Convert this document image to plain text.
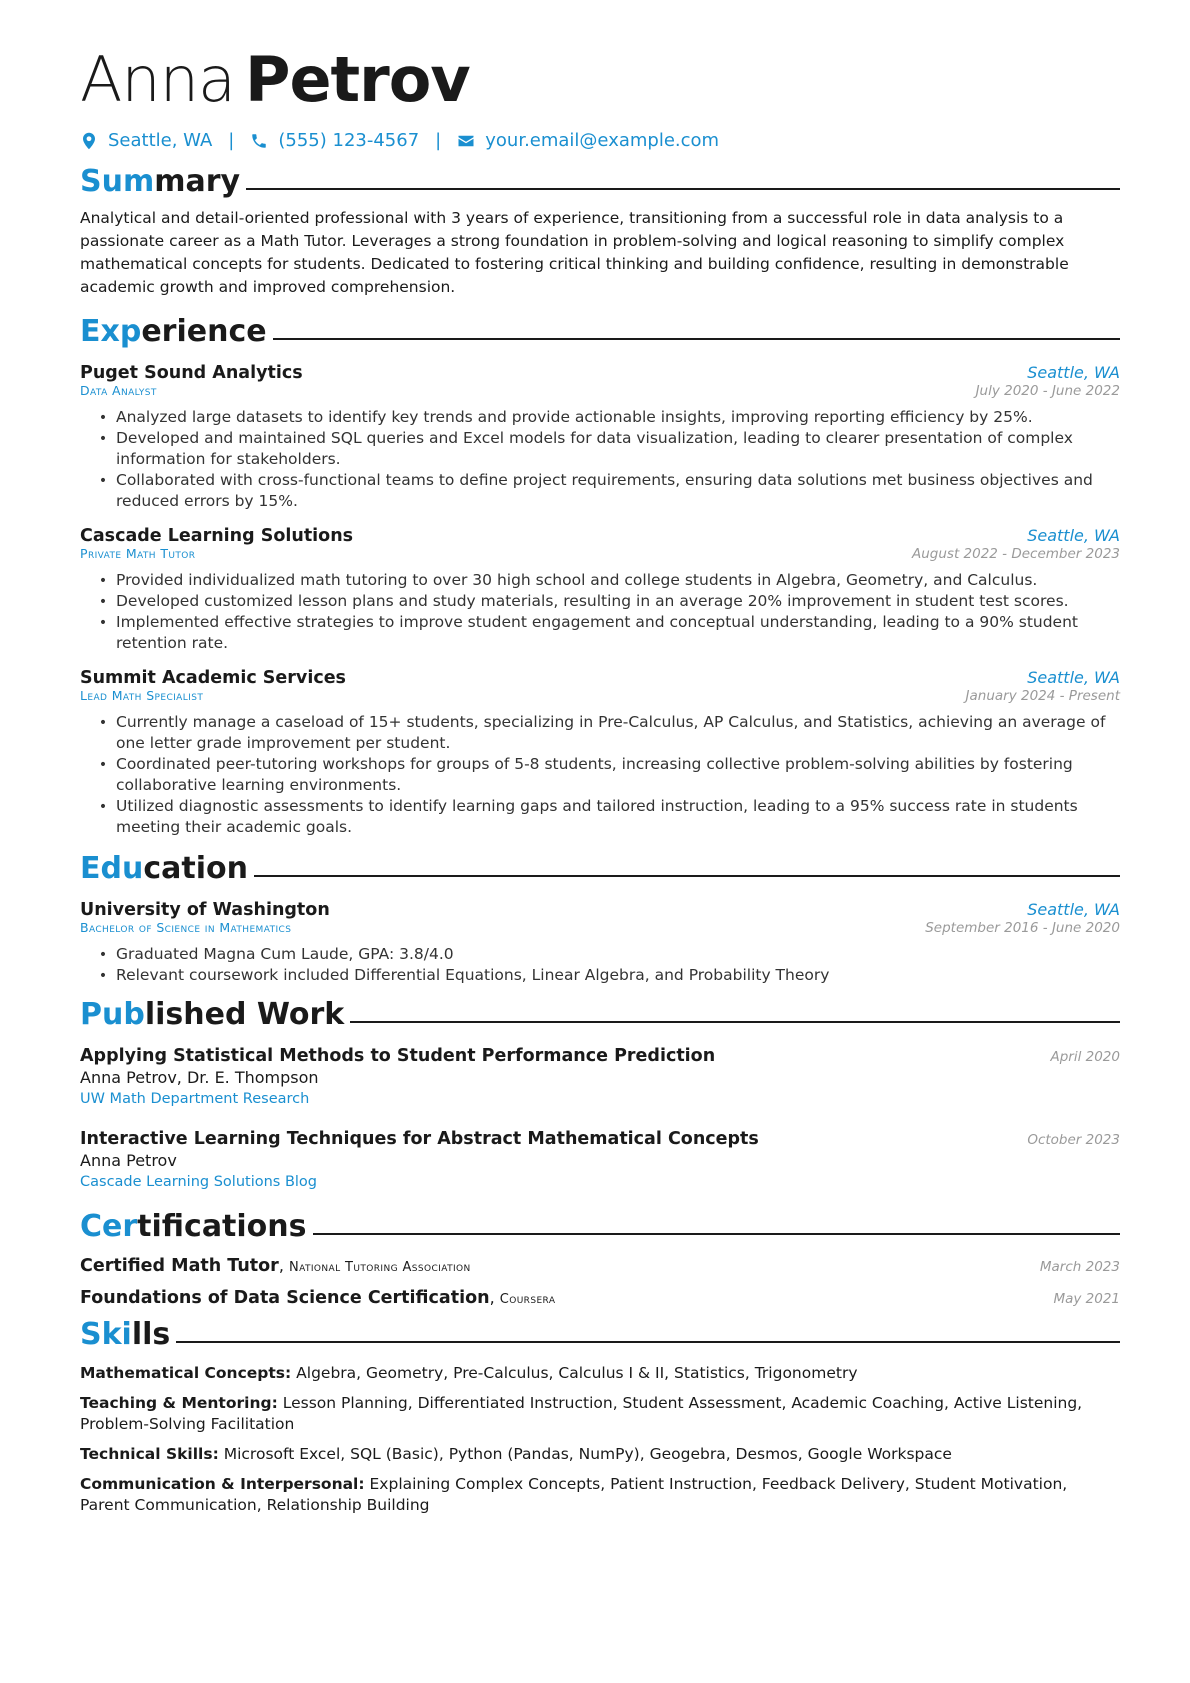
Anna Petrov
Seattle, WA | (555) 123-4567 | your.email@example.com
Summary
Analytical and detail-oriented professional with 3 years of experience, transitioning from a successful role in data analysis to a passionate career as a Math Tutor. Leverages a strong foundation in problem-solving and logical reasoning to simplify complex mathematical concepts for students. Dedicated to fostering critical thinking and building confidence, resulting in demonstrable academic growth and improved comprehension.
Experience
Puget Sound Analytics	Seattle, WA
Data Analyst	July 2020 - June 2022
• Analyzed large datasets to identify key trends and provide actionable insights, improving reporting efficiency by 25%.
• Developed and maintained SQL queries and Excel models for data visualization, leading to clearer presentation of complex information for stakeholders.
• Collaborated with cross-functional teams to define project requirements, ensuring data solutions met business objectives and reduced errors by 15%.
Cascade Learning Solutions	Seattle, WA
Private Math Tutor	August 2022 - December 2023
• Provided individualized math tutoring to over 30 high school and college students in Algebra, Geometry, and Calculus.
• Developed customized lesson plans and study materials, resulting in an average 20% improvement in student test scores.
• Implemented effective strategies to improve student engagement and conceptual understanding, leading to a 90% student retention rate.
Summit Academic Services	Seattle, WA
Lead Math Specialist	January 2024 - Present
• Currently manage a caseload of 15+ students, specializing in Pre-Calculus, AP Calculus, and Statistics, achieving an average of one letter grade improvement per student.
• Coordinated peer-tutoring workshops for groups of 5-8 students, increasing collective problem-solving abilities by fostering collaborative learning environments.
• Utilized diagnostic assessments to identify learning gaps and tailored instruction, leading to a 95% success rate in students meeting their academic goals.
Education
University of Washington	Seattle, WA
Bachelor of Science in Mathematics	September 2016 - June 2020
• Graduated Magna Cum Laude, GPA: 3.8/4.0
• Relevant coursework included Differential Equations, Linear Algebra, and Probability Theory
Published Work
Applying Statistical Methods to Student Performance Prediction	April 2020
Anna Petrov, Dr. E. Thompson
UW Math Department Research
Interactive Learning Techniques for Abstract Mathematical Concepts	October 2023
Anna Petrov
Cascade Learning Solutions Blog
Certifications
Certified Math Tutor, National Tutoring Association	March 2023
Foundations of Data Science Certification, Coursera	May 2021
Skills
Mathematical Concepts: Algebra, Geometry, Pre-Calculus, Calculus I & II, Statistics, Trigonometry
Teaching & Mentoring: Lesson Planning, Differentiated Instruction, Student Assessment, Academic Coaching, Active Listening, Problem-Solving Facilitation
Technical Skills: Microsoft Excel, SQL (Basic), Python (Pandas, NumPy), Geogebra, Desmos, Google Workspace
Communication & Interpersonal: Explaining Complex Concepts, Patient Instruction, Feedback Delivery, Student Motivation, Parent Communication, Relationship Building
